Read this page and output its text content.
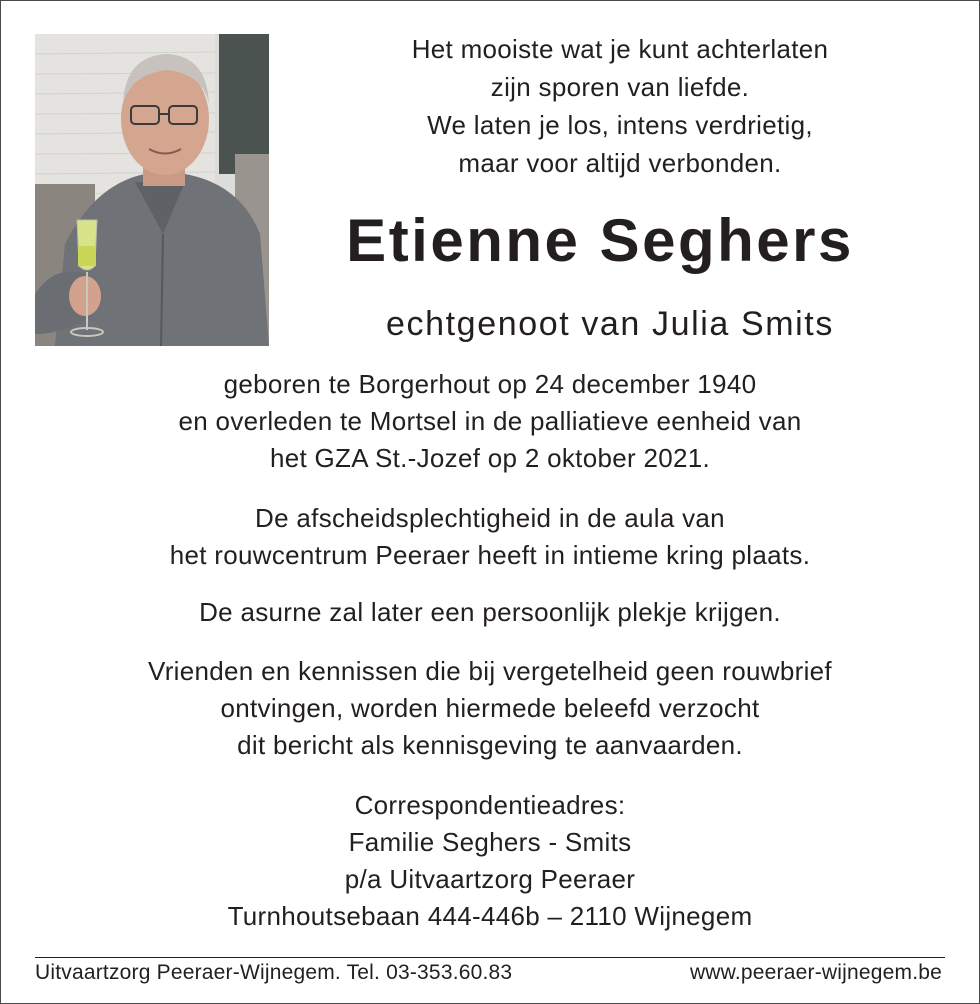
Het mooiste wat je kunt achterlaten
zijn sporen van liefde.
We laten je los, intens verdrietig,
maar voor altijd verbonden.
Etienne Seghers
echtgenoot van Julia Smits
geboren te Borgerhout op 24 december 1940
en overleden te Mortsel in de palliatieve eenheid van
het GZA St.-Jozef op 2 oktober 2021.
De afscheidsplechtigheid in de aula van
het rouwcentrum Peeraer heeft in intieme kring plaats.
De asurne zal later een persoonlijk plekje krijgen.
Vrienden en kennissen die bij vergetelheid geen rouwbrief
ontvingen, worden hiermede beleefd verzocht
dit bericht als kennisgeving te aanvaarden.
Correspondentieadres:
Familie Seghers - Smits
p/a Uitvaartzorg Peeraer
Turnhoutsebaan 444-446b – 2110 Wijnegem
Uitvaartzorg Peeraer-Wijnegem. Tel. 03-353.60.83	www.peeraer-wijnegem.be
